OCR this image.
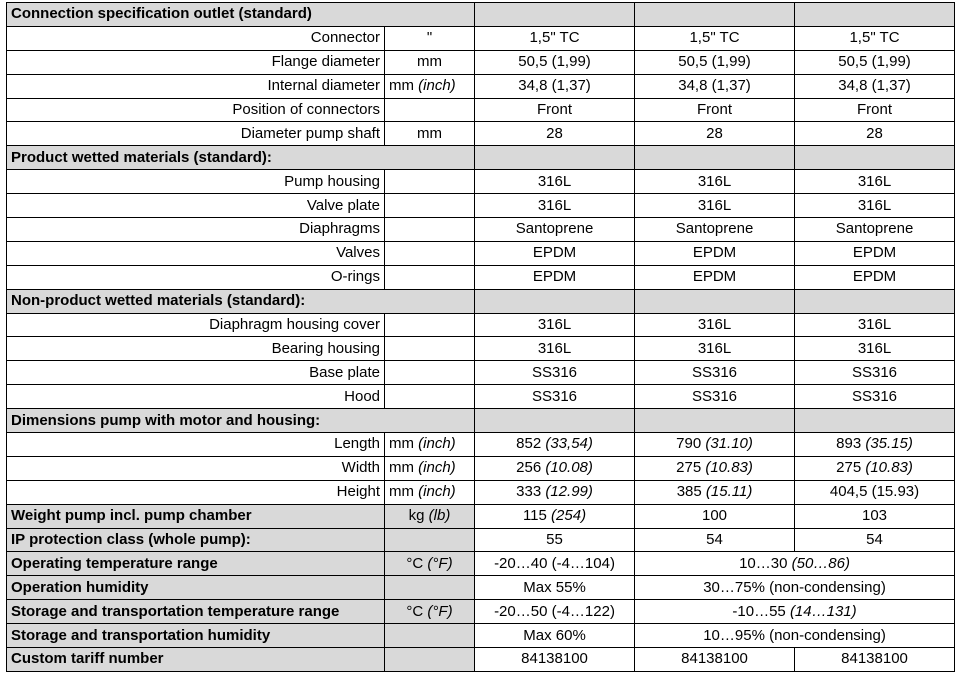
Connection specification outlet (standard)				
Connector	"	1,5" TC	1,5" TC	1,5" TC
Flange diameter	mm	50,5 (1,99)	50,5 (1,99)	50,5 (1,99)
Internal diameter	mm (inch)	34,8 (1,37)	34,8 (1,37)	34,8 (1,37)
Position of connectors		Front	Front	Front
Diameter pump shaft	mm	28	28	28
Product wetted materials (standard):				
Pump housing		316L	316L	316L
Valve plate		316L	316L	316L
Diaphragms		Santoprene	Santoprene	Santoprene
Valves		EPDM	EPDM	EPDM
O-rings		EPDM	EPDM	EPDM
Non-product wetted materials (standard):				
Diaphragm housing cover		316L	316L	316L
Bearing housing		316L	316L	316L
Base plate		SS316	SS316	SS316
Hood		SS316	SS316	SS316
Dimensions pump with motor and housing:				
Length	mm (inch)	852 (33,54)	790 (31.10)	893 (35.15)
Width	mm (inch)	256 (10.08)	275 (10.83)	275 (10.83)
Height	mm (inch)	333 (12.99)	385 (15.11)	404,5 (15.93)
Weight pump incl. pump chamber	kg (lb)	115 (254)	100	103
IP protection class (whole pump):		55	54	54
Operating temperature range	°C (°F)	-20…40 (-4…104)	10…30 (50…86)	
Operation humidity		Max 55%	30…75% (non-condensing)	
Storage and transportation temperature range	°C (°F)	-20…50 (-4…122)	-10…55 (14…131)	
Storage and transportation humidity		Max 60%	10…95% (non-condensing)	
Custom tariff number		84138100	84138100	84138100
